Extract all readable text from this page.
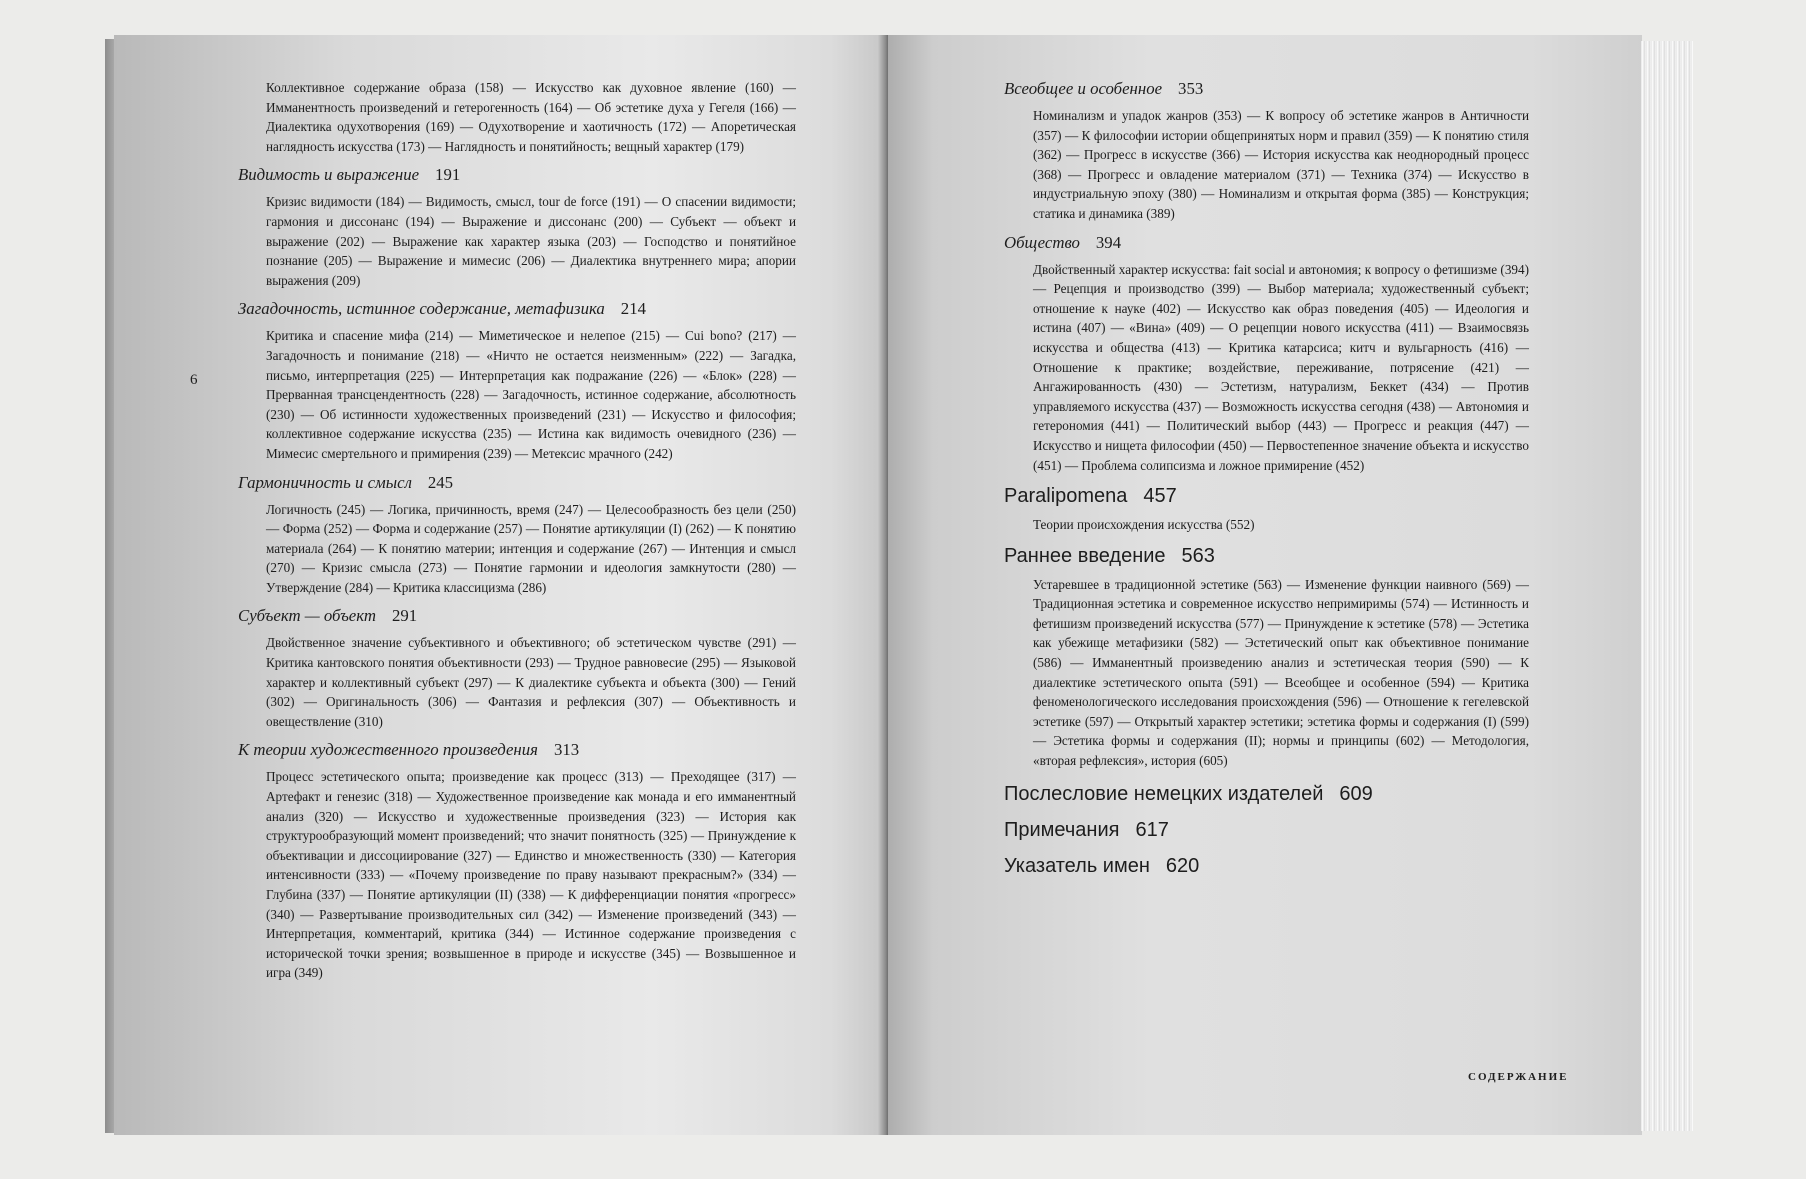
6

Коллективное содержание образа (158) — Искусство как духовное явление (160) — Имманентность произведений и гетерогенность (164) — Об эстетике духа у Гегеля (166) — Диалектика одухотворения (169) — Одухотворение и хаотичность (172) — Апоретическая наглядность искусства (173) — Наглядность и понятийность; вещный характер (179)

Видимость и выражение 191

Кризис видимости (184) — Видимость, смысл, tour de force (191) — О спасении видимости; гармония и диссонанс (194) — Выражение и диссонанс (200) — Субъект — объект и выражение (202) — Выражение как характер языка (203) — Господство и понятийное познание (205) — Выражение и мимесис (206) — Диалектика внутреннего мира; апории выражения (209)

Загадочность, истинное содержание, метафизика 214

Критика и спасение мифа (214) — Миметическое и нелепое (215) — Cui bono? (217) — Загадочность и понимание (218) — «Ничто не остается неизменным» (222) — Загадка, письмо, интерпретация (225) — Интерпретация как подражание (226) — «Блок» (228) — Прерванная трансцендентность (228) — Загадочность, истинное содержание, абсолютность (230) — Об истинности художественных произведений (231) — Искусство и философия; коллективное содержание искусства (235) — Истина как видимость очевидного (236) — Мимесис смертельного и примирения (239) — Метексис мрачного (242)

Гармоничность и смысл 245

Логичность (245) — Логика, причинность, время (247) — Целесообразность без цели (250) — Форма (252) — Форма и содержание (257) — Понятие артикуляции (I) (262) — К понятию материала (264) — К понятию материи; интенция и содержание (267) — Интенция и смысл (270) — Кризис смысла (273) — Понятие гармонии и идеология замкнутости (280) — Утверждение (284) — Критика классицизма (286)

Субъект — объект 291

Двойственное значение субъективного и объективного; об эстетическом чувстве (291) — Критика кантовского понятия объективности (293) — Трудное равновесие (295) — Языковой характер и коллективный субъект (297) — К диалектике субъекта и объекта (300) — Гений (302) — Оригинальность (306) — Фантазия и рефлексия (307) — Объективность и овеществление (310)

К теории художественного произведения 313

Процесс эстетического опыта; произведение как процесс (313) — Преходящее (317) — Артефакт и генезис (318) — Художественное произведение как монада и его имманентный анализ (320) — Искусство и художественные произведения (323) — История как структурообразующий момент произведений; что значит понятность (325) — Принуждение к объективации и диссоциирование (327) — Единство и множественность (330) — Категория интенсивности (333) — «Почему произведение по праву называют прекрасным?» (334) — Глубина (337) — Понятие артикуляции (II) (338) — К дифференциации понятия «прогресс» (340) — Развертывание производительных сил (342) — Изменение произведений (343) — Интерпретация, комментарий, критика (344) — Истинное содержание произведения с исторической точки зрения; возвышенное в природе и искусстве (345) — Возвышенное и игра (349)

Всеобщее и особенное 353

Номинализм и упадок жанров (353) — К вопросу об эстетике жанров в Античности (357) — К философии истории общепринятых норм и правил (359) — К понятию стиля (362) — Прогресс в искусстве (366) — История искусства как неоднородный процесс (368) — Прогресс и овладение материалом (371) — Техника (374) — Искусство в индустриальную эпоху (380) — Номинализм и открытая форма (385) — Конструкция; статика и динамика (389)

Общество 394

Двойственный характер искусства: fait social и автономия; к вопросу о фетишизме (394) — Рецепция и производство (399) — Выбор материала; художественный субъект; отношение к науке (402) — Искусство как образ поведения (405) — Идеология и истина (407) — «Вина» (409) — О рецепции нового искусства (411) — Взаимосвязь искусства и общества (413) — Критика катарсиса; китч и вульгарность (416) — Отношение к практике; воздействие, переживание, потрясение (421) — Ангажированность (430) — Эстетизм, натурализм, Беккет (434) — Против управляемого искусства (437) — Возможность искусства сегодня (438) — Автономия и гетерономия (441) — Политический выбор (443) — Прогресс и реакция (447) — Искусство и нищета философии (450) — Первостепенное значение объекта и искусство (451) — Проблема солипсизма и ложное примирение (452)

Paralipomena 457

Теории происхождения искусства (552)

Раннее введение 563

Устаревшее в традиционной эстетике (563) — Изменение функции наивного (569) — Традиционная эстетика и современное искусство непримиримы (574) — Истинность и фетишизм произведений искусства (577) — Принуждение к эстетике (578) — Эстетика как убежище метафизики (582) — Эстетический опыт как объективное понимание (586) — Имманентный произведению анализ и эстетическая теория (590) — К диалектике эстетического опыта (591) — Всеобщее и особенное (594) — Критика феноменологического исследования происхождения (596) — Отношение к гегелевской эстетике (597) — Открытый характер эстетики; эстетика формы и содержания (I) (599) — Эстетика формы и содержания (II); нормы и принципы (602) — Методология, «вторая рефлексия», история (605)

Послесловие немецких издателей 609
Примечания 617
Указатель имен 620
СОДЕРЖАНИЕ
